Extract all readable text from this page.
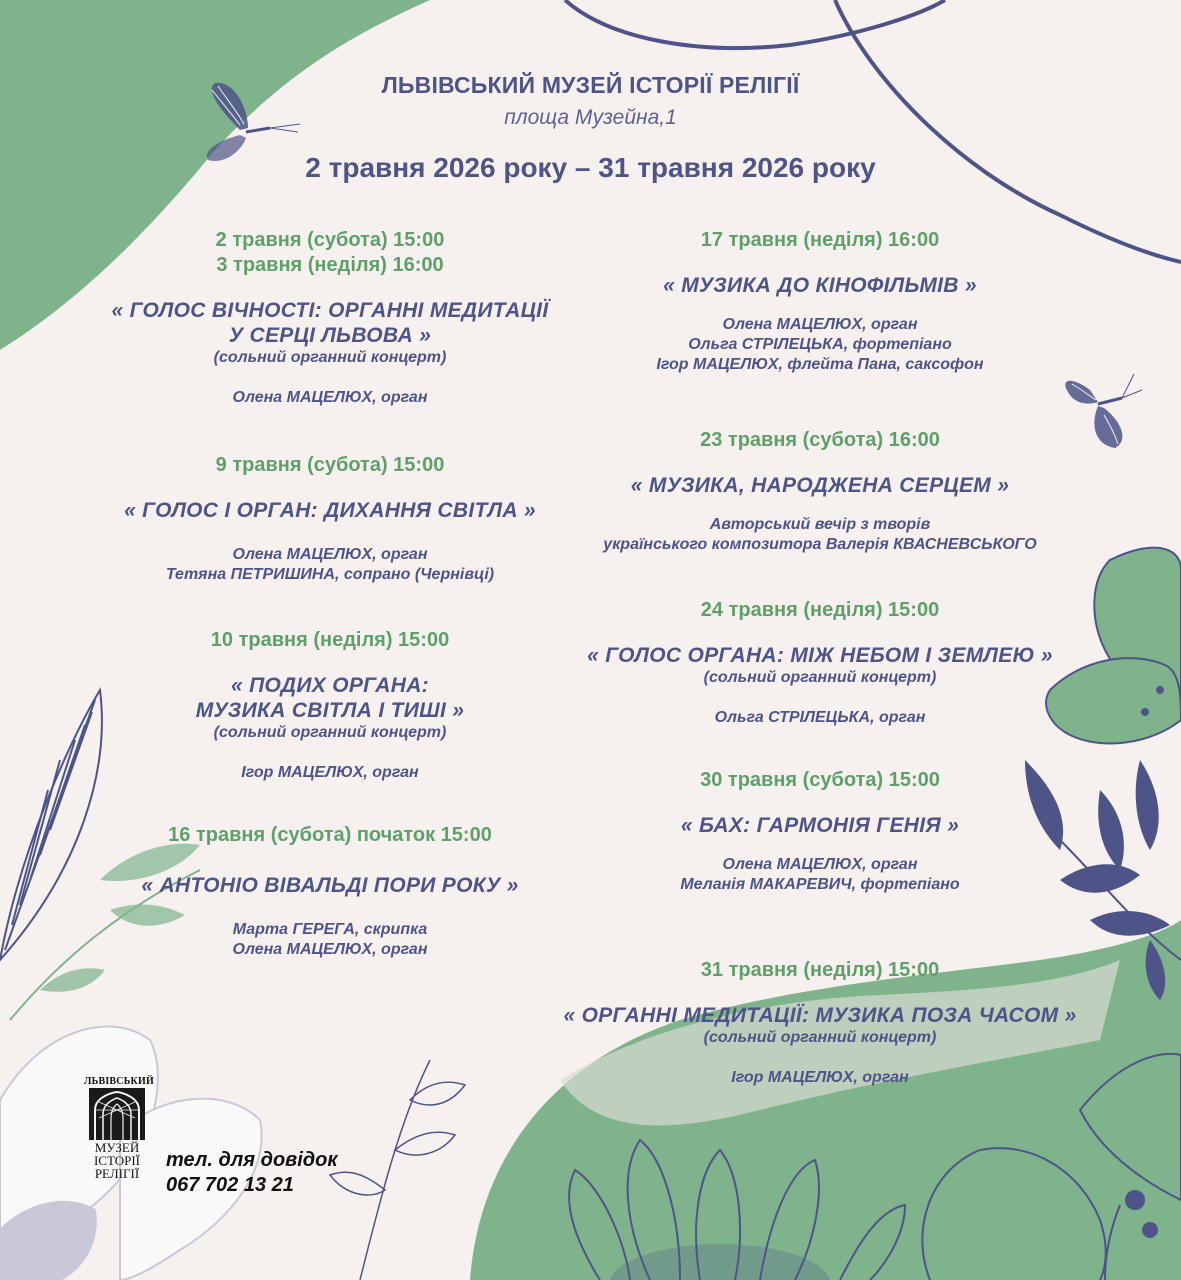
ЛЬВІВСЬКИЙ МУЗЕЙ ІСТОРІЇ РЕЛІГІЇ
площа Музейна,1
2 травня 2026 року – 31 травня 2026 року
2 травня (субота) 15:00
3 травня (неділя) 16:00
« ГОЛОС ВІЧНОСТІ: ОРГАННІ МЕДИТАЦІЇ
У СЕРЦІ ЛЬВОВА »
(сольний органний концерт)
Олена МАЦЕЛЮХ, орган
9 травня (субота) 15:00
« ГОЛОС І ОРГАН: ДИХАННЯ СВІТЛА »
Олена МАЦЕЛЮХ, орган
Тетяна ПЕТРИШИНА, сопрано (Чернівці)
10 травня (неділя) 15:00
« ПОДИХ ОРГАНА:
МУЗИКА СВІТЛА І ТИШІ »
(сольний органний концерт)
Ігор МАЦЕЛЮХ, орган
16 травня (субота) початок 15:00
« АНТОНІО ВІВАЛЬДІ ПОРИ РОКУ »
Марта ГЕРЕГА, скрипка
Олена МАЦЕЛЮХ, орган
17 травня (неділя) 16:00
« МУЗИКА ДО КІНОФІЛЬМІВ »
Олена МАЦЕЛЮХ, орган
Ольга СТРІЛЕЦЬКА, фортепіано
Ігор МАЦЕЛЮХ, флейта Пана, саксофон
23 травня (субота) 16:00
« МУЗИКА, НАРОДЖЕНА СЕРЦЕМ »
Авторський вечір з творів
українського композитора Валерія КВАСНЕВСЬКОГО
24 травня (неділя) 15:00
« ГОЛОС ОРГАНА: МІЖ НЕБОМ І ЗЕМЛЕЮ »
(сольний органний концерт)
Ольга СТРІЛЕЦЬКА, орган
30 травня (субота) 15:00
« БАХ: ГАРМОНІЯ ГЕНІЯ »
Олена МАЦЕЛЮХ, орган
Меланія МАКАРЕВИЧ, фортепіано
31 травня (неділя) 15:00
« ОРГАННІ МЕДИТАЦІЇ: МУЗИКА ПОЗА ЧАСОМ »
(сольний органний концерт)
Ігор МАЦЕЛЮХ, орган
ЛЬВІВСЬКИЙ
МУЗЕЙ
ІСТОРІЇ
РЕЛІГІЇ
тел. для довідок
067 702 13 21
